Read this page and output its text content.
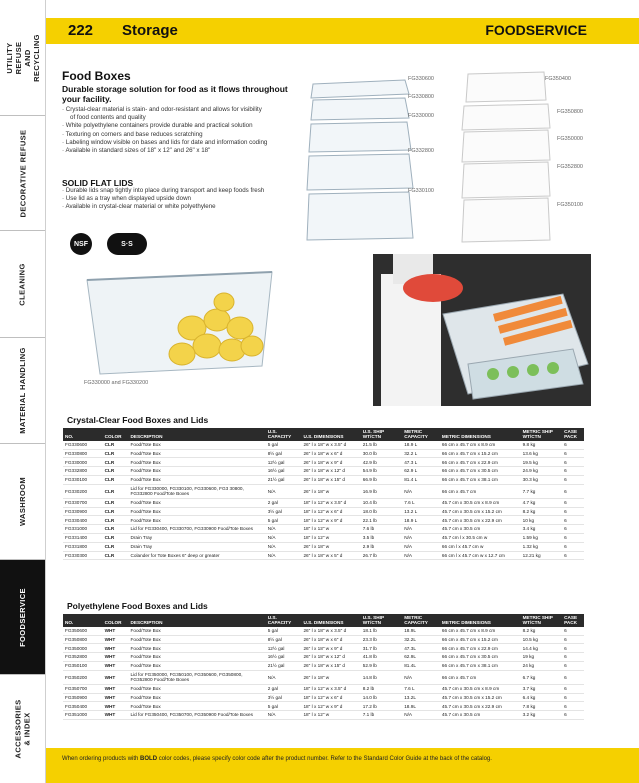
UTILITY REFUSE AND RECYCLING
DECORATIVE REFUSE
CLEANING
MATERIAL HANDLING
WASHROOM
FOODSERVICE
ACCESSORIES & INDEX
222 Storage	FOODSERVICE
Food Boxes
Durable storage solution for food as it flows throughout your facility.
· Crystal-clear material is stain- and odor-resistant and allows for visibility
of food contents and quality
· White polyethylene containers provide durable and practical solution
· Texturing on corners and base reduces scratching
· Labeling window visible on bases and lids for date and information coding
· Available in standard sizes of 18" x 12" and 26" x 18"
SOLID FLAT LIDS
· Durable lids snap tightly into place during transport and keep foods fresh
· Use lid as a tray when displayed upside down
· Available in crystal-clear material or white polyethylene
NSF	S·S
FG330600
FG330800
FG330000
FG332800
FG330100
FG350400
FG350800
FG350000
FG352800
FG350100
FG330000 and FG330200
Crystal-Clear Food Boxes and Lids
NO.	COLOR	DESCRIPTION	U.S. CAPACITY	U.S. DIMENSIONS	U.S. SHIP WT/CTN	METRIC CAPACITY	METRIC DIMENSIONS	METRIC SHIP WT/CTN	CASE PACK
FG330600	CLR	Food/Tote Box	5 gal	26" l x 18" w x 3.5" d	21.5 lb	18.9 L	66 cm x 45.7 cm x 8.9 cm	9.8 kg	6
FG330800	CLR	Food/Tote Box	8½ gal	26" l x 18" w x 6" d	30.0 lb	32.2 L	66 cm x 45.7 cm x 15.2 cm	13.6 kg	6
FG330000	CLR	Food/Tote Box	12½ gal	26" l x 18" w x 9" d	42.9 lb	47.3 L	66 cm x 45.7 cm x 22.9 cm	19.5 kg	6
FG332800	CLR	Food/Tote Box	16½ gal	26" l x 18" w x 12" d	54.9 lb	62.9 L	66 cm x 45.7 cm x 30.5 cm	24.9 kg	6
FG330100	CLR	Food/Tote Box	21½ gal	26" l x 18" w x 15" d	66.9 lb	81.4 L	66 cm x 45.7 cm x 38.1 cm	30.3 kg	6
FG330200	CLR	Lid for FG330000, FG330100, FG330600, FG3 30800, FG332800 Food/Tote Boxes	N/A	26" l x 18" w	16.9 lb	N/A	66 cm x 45.7 cm	7.7 kg	6
FG330700	CLR	Food/Tote Box	2 gal	18" l x 12" w x 3.5" d	10.4 lb	7.6 L	45.7 cm x 30.5 cm x 8.9 cm	4.7 kg	6
FG330900	CLR	Food/Tote Box	3½ gal	18" l x 12" w x 6" d	18.0 lb	13.2 L	45.7 cm x 30.5 cm x 15.2 cm	8.2 kg	6
FG330400	CLR	Food/Tote Box	5 gal	18" l x 12" w x 9" d	22.1 lb	18.9 L	45.7 cm x 30.5 cm x 22.9 cm	10 kg	6
FG331000	CLR	Lid for FG330400, FG330700, FG330900 Food/Tote Boxes	N/A	18" l x 12" w	7.6 lb	N/A	45.7 cm x 30.5 cm	3.4 kg	6
FG331400	CLR	Drain Tray	N/A	18" l x 12" w	3.5 lb	N/A	45.7 cm l x 30.5 cm w	1.59 kg	6
FG331800	CLR	Drain Tray	N/A	26" l x 18" w	2.9 lb	N/A	66 cm l x 45.7 cm w	1.32 kg	6
FG330300	CLR	Colander for Tote Boxes 6" deep or greater	N/A	26" l x 18" w x 5" d	26.7 lb	N/A	66 cm l x 45.7 cm w x 12.7 cm	12.21 kg	6
Polyethylene Food Boxes and Lids
NO.	COLOR	DESCRIPTION	U.S. CAPACITY	U.S. DIMENSIONS	U.S. SHIP WT/CTN	METRIC CAPACITY	METRIC DIMENSIONS	METRIC SHIP WT/CTN	CASE PACK
FG350600	WHT	Food/Tote Box	5 gal	26" l x 18" w x 3.5" d	18.1 lb	18.9L	66 cm x 45.7 cm x 8.9 cm	8.2 kg	6
FG350800	WHT	Food/Tote Box	8½ gal	26" l x 18" w x 6" d	23.3 lb	32.2L	66 cm x 45.7 cm x 15.2 cm	10.5 kg	6
FG350000	WHT	Food/Tote Box	12½ gal	26" l x 18" w x 9" d	31.7 lb	47.3L	66 cm x 45.7 cm x 22.9 cm	14.4 kg	6
FG352800	WHT	Food/Tote Box	16½ gal	26" l x 18" w x 12" d	41.8 lb	62.9L	66 cm x 45.7 cm x 30.5 cm	19 kg	6
FG350100	WHT	Food/Tote Box	21½ gal	26" l x 18" w x 15" d	52.9 lb	81.4L	66 cm x 45.7 cm x 38.1 cm	24 kg	6
FG350200	WHT	Lid for FG350000, FG350100, FG350600, FG350800, FG352800 Food/Tote Boxes	N/A	26" l x 18" w	14.8 lb	N/A	66 cm x 45.7 cm	6.7 kg	6
FG350700	WHT	Food/Tote Box	2 gal	18" l x 12" w x 3.5" d	8.2 lb	7.6 L	45.7 cm x 30.5 cm x 8.9 cm	3.7 kg	6
FG350900	WHT	Food/Tote Box	3½ gal	18" l x 12" w x 6" d	14.0 lb	13.2L	45.7 cm x 30.5 cm x 15.2 cm	6.4 kg	6
FG350400	WHT	Food/Tote Box	5 gal	18" l x 12" w x 9" d	17.2 lb	18.9L	45.7 cm x 30.5 cm x 22.9 cm	7.8 kg	6
FG351000	WHT	Lid for FG350400, FG350700, FG350900 Food/Tote Boxes	N/A	18" l x 12" w	7.1 lb	N/A	45.7 cm x 30.5 cm	3.2 kg	6
When ordering products with BOLD color codes, please specify color code after the product number. Refer to the Standard Color Guide at the back of the catalog.
